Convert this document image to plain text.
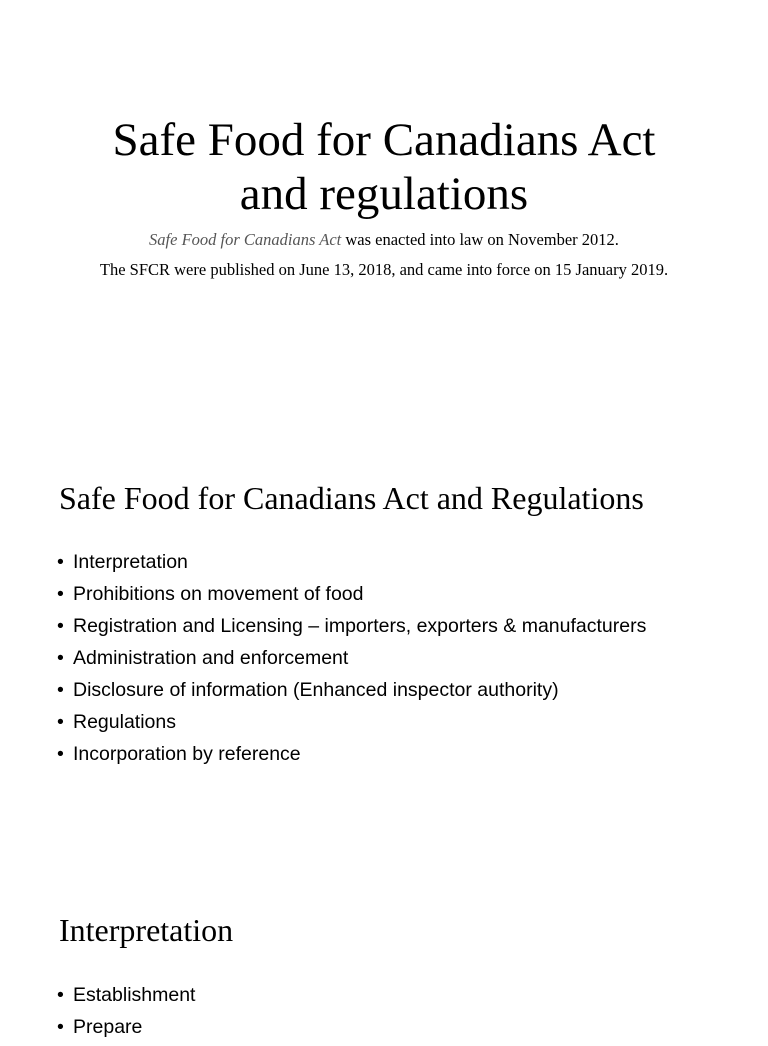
Safe Food for Canadians Act
and regulations

Safe Food for Canadians Act was enacted into law on November 2012.

The SFCR were published on June 13, 2018, and came into force on 15 January 2019.

Safe Food for Canadians Act and Regulations
• Interpretation
• Prohibitions on movement of food
• Registration and Licensing – importers, exporters & manufacturers
• Administration and enforcement
• Disclosure of information (Enhanced inspector authority)
• Regulations
• Incorporation by reference
Interpretation
• Establishment
• Prepare
